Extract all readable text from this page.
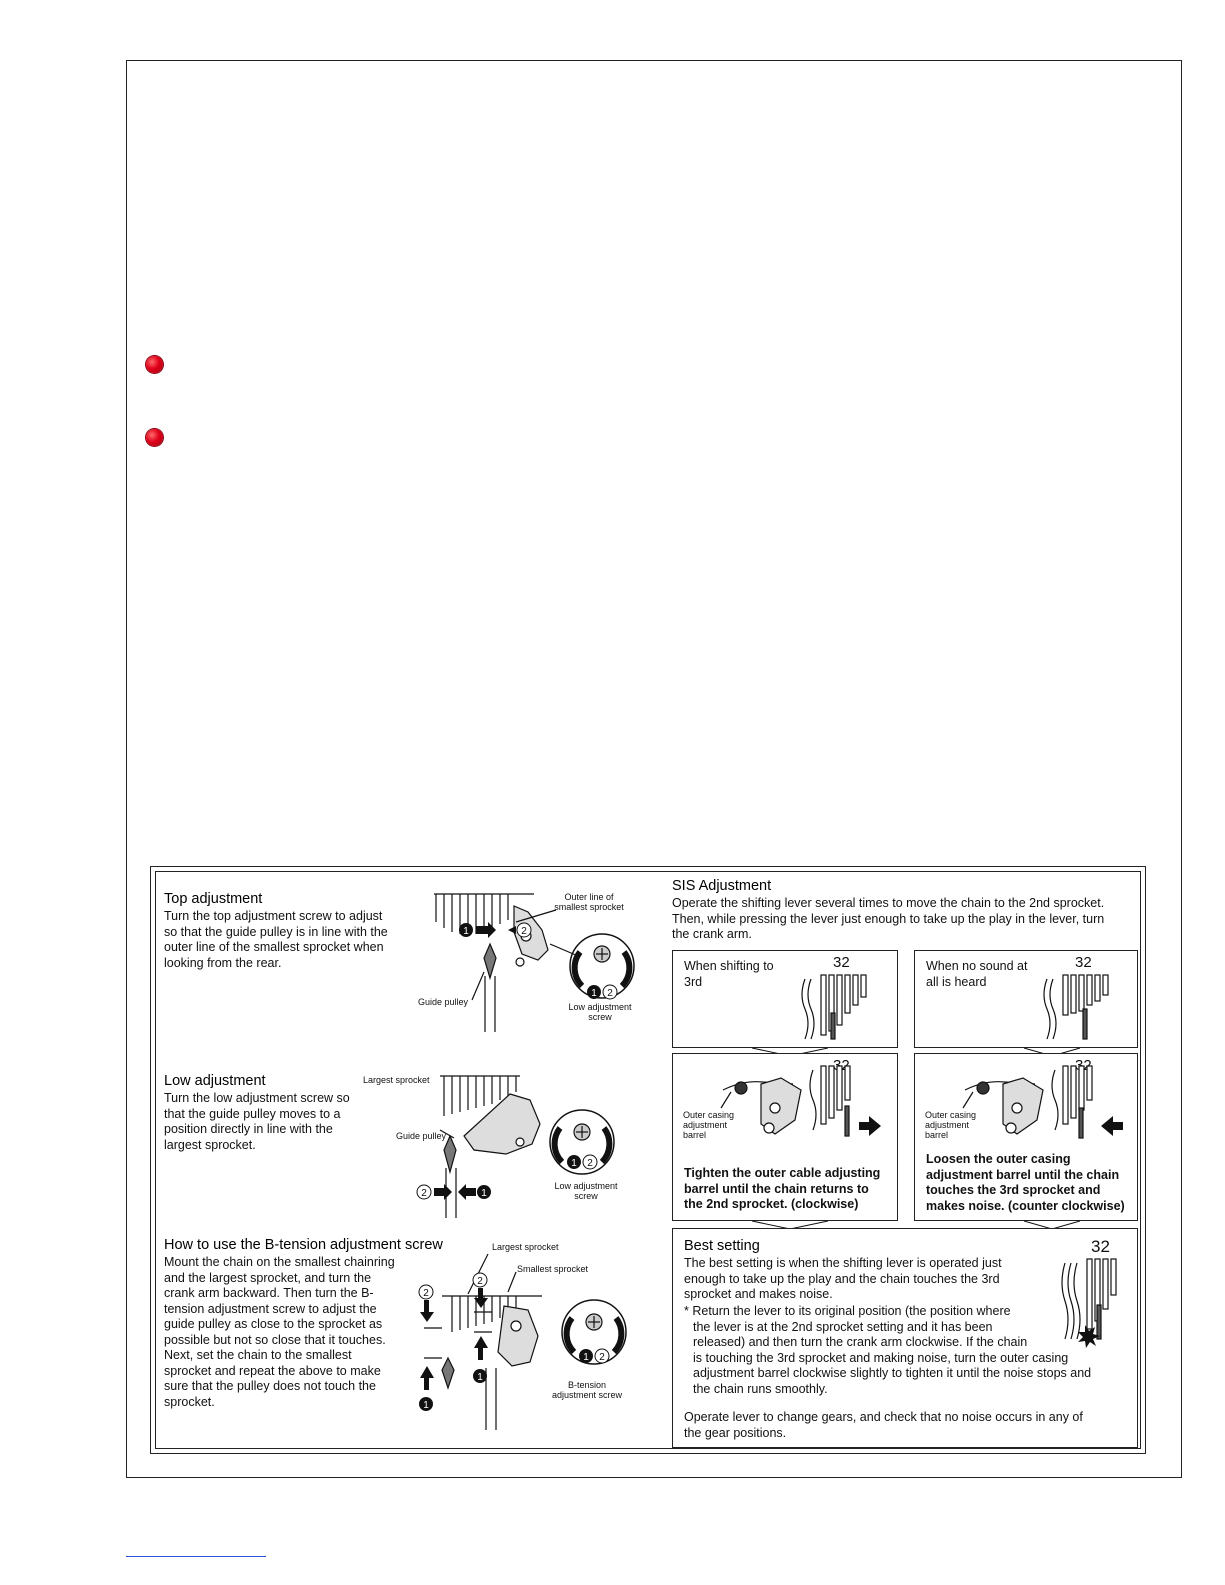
Top adjustment
Turn the top adjustment screw to adjust
so that the guide pulley is in line with the
outer line of the smallest sprocket when
looking from the rear.
1	2
1 2
Outer line of
smallest sprocket
Guide pulley	Low adjustment
screw
Low adjustment
Turn the low adjustment screw so
that the guide pulley moves to a
position directly in line with the
largest sprocket.
1 2
2	1
Largest sprocket
Guide pulley
Low adjustment
screw
How to use the B-tension adjustment screw
Mount the chain on the smallest chainring
and the largest sprocket, and turn the
crank arm backward. Then turn the B-
tension adjustment screw to adjust the
guide pulley as close to the sprocket as
possible but not so close that it touches.
Next, set the chain to the smallest
sprocket and repeat the above to make
sure that the pulley does not touch the
sprocket.
2
2
1
1
1 2
Largest sprocket
Smallest sprocket
B-tension
adjustment screw
SIS Adjustment
Operate the shifting lever several times to move the chain to the 2nd sprocket.
Then, while pressing the lever just enough to take up the play in the lever, turn
the crank arm.
When shifting to
3rd
32	When no sound at
all is heard
32
Outer casing
adjustment
barrel
Tighten the outer cable adjusting
barrel until the chain returns to
the 2nd sprocket. (clockwise)
Outer casing
adjustment
barrel
Loosen the outer casing
adjustment barrel until the chain
touches the 3rd sprocket and
makes noise. (counter clockwise)
Best setting	32
The best setting is when the shifting lever is operated just
enough to take up the play and the chain touches the 3rd
sprocket and makes noise.
* Return the lever to its original position (the position where
the lever is at the 2nd sprocket setting and it has been
released) and then turn the crank arm clockwise. If the chain
is touching the 3rd sprocket and making noise, turn the outer casing
adjustment barrel clockwise slightly to tighten it until the noise stops and
the chain runs smoothly.
Operate lever to change gears, and check that no noise occurs in any of
the gear positions.
